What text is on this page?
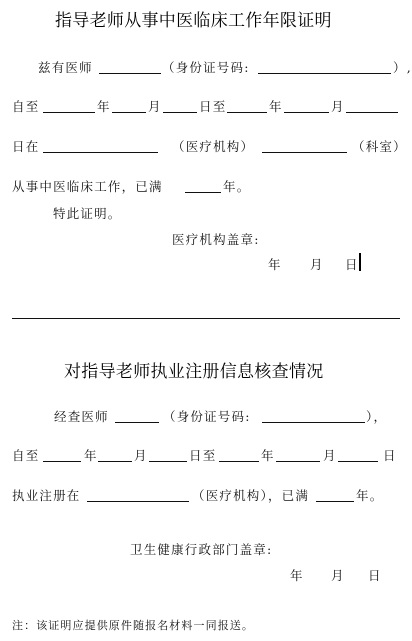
指导老师从事中医临床工作年限证明
兹有医师	（身份证号码:	）,
自至	年	月	日至	年	月
日在	（医疗机构）	（科室）
从事中医临床工作，已满	年。
特此证明。
医疗机构盖章:
年 月 日
对指导老师执业注册信息核查情况
经查医师	（身份证号码:	），
自至	年	月	日至	年	月	日
执业注册在	（医疗机构），已满	年。
卫生健康行政部门盖章:
年 月 日
注：该证明应提供原件随报名材料一同报送。
